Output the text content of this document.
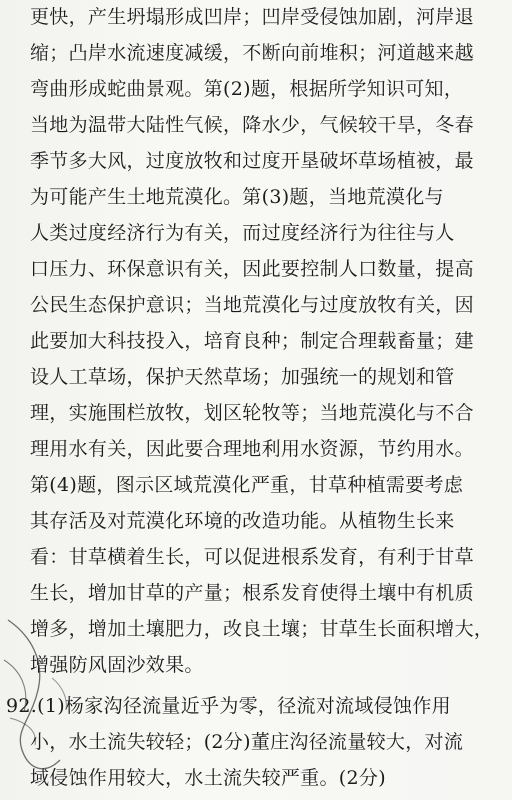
更快，产生坍塌形成凹岸；凹岸受侵蚀加剧，河岸退
缩；凸岸水流速度减缓，不断向前堆积；河道越来越
弯曲形成蛇曲景观。第(2)题，根据所学知识可知，
当地为温带大陆性气候，降水少，气候较干旱，冬春
季节多大风，过度放牧和过度开垦破坏草场植被，最
为可能产生土地荒漠化。第(3)题，当地荒漠化与
人类过度经济行为有关，而过度经济行为往往与人
口压力、环保意识有关，因此要控制人口数量，提高
公民生态保护意识；当地荒漠化与过度放牧有关，因
此要加大科技投入，培育良种；制定合理载畜量；建
设人工草场，保护天然草场；加强统一的规划和管
理，实施围栏放牧，划区轮牧等；当地荒漠化与不合
理用水有关，因此要合理地利用水资源，节约用水。
第(4)题，图示区域荒漠化严重，甘草种植需要考虑
其存活及对荒漠化环境的改造功能。从植物生长来
看：甘草横着生长，可以促进根系发育，有利于甘草
生长，增加甘草的产量；根系发育使得土壤中有机质
增多，增加土壤肥力，改良土壤；甘草生长面积增大，
增强防风固沙效果。
92.(1)杨家沟径流量近乎为零，径流对流域侵蚀作用
小，水土流失较轻；(2分)董庄沟径流量较大，对流
域侵蚀作用较大，水土流失较严重。(2分)
